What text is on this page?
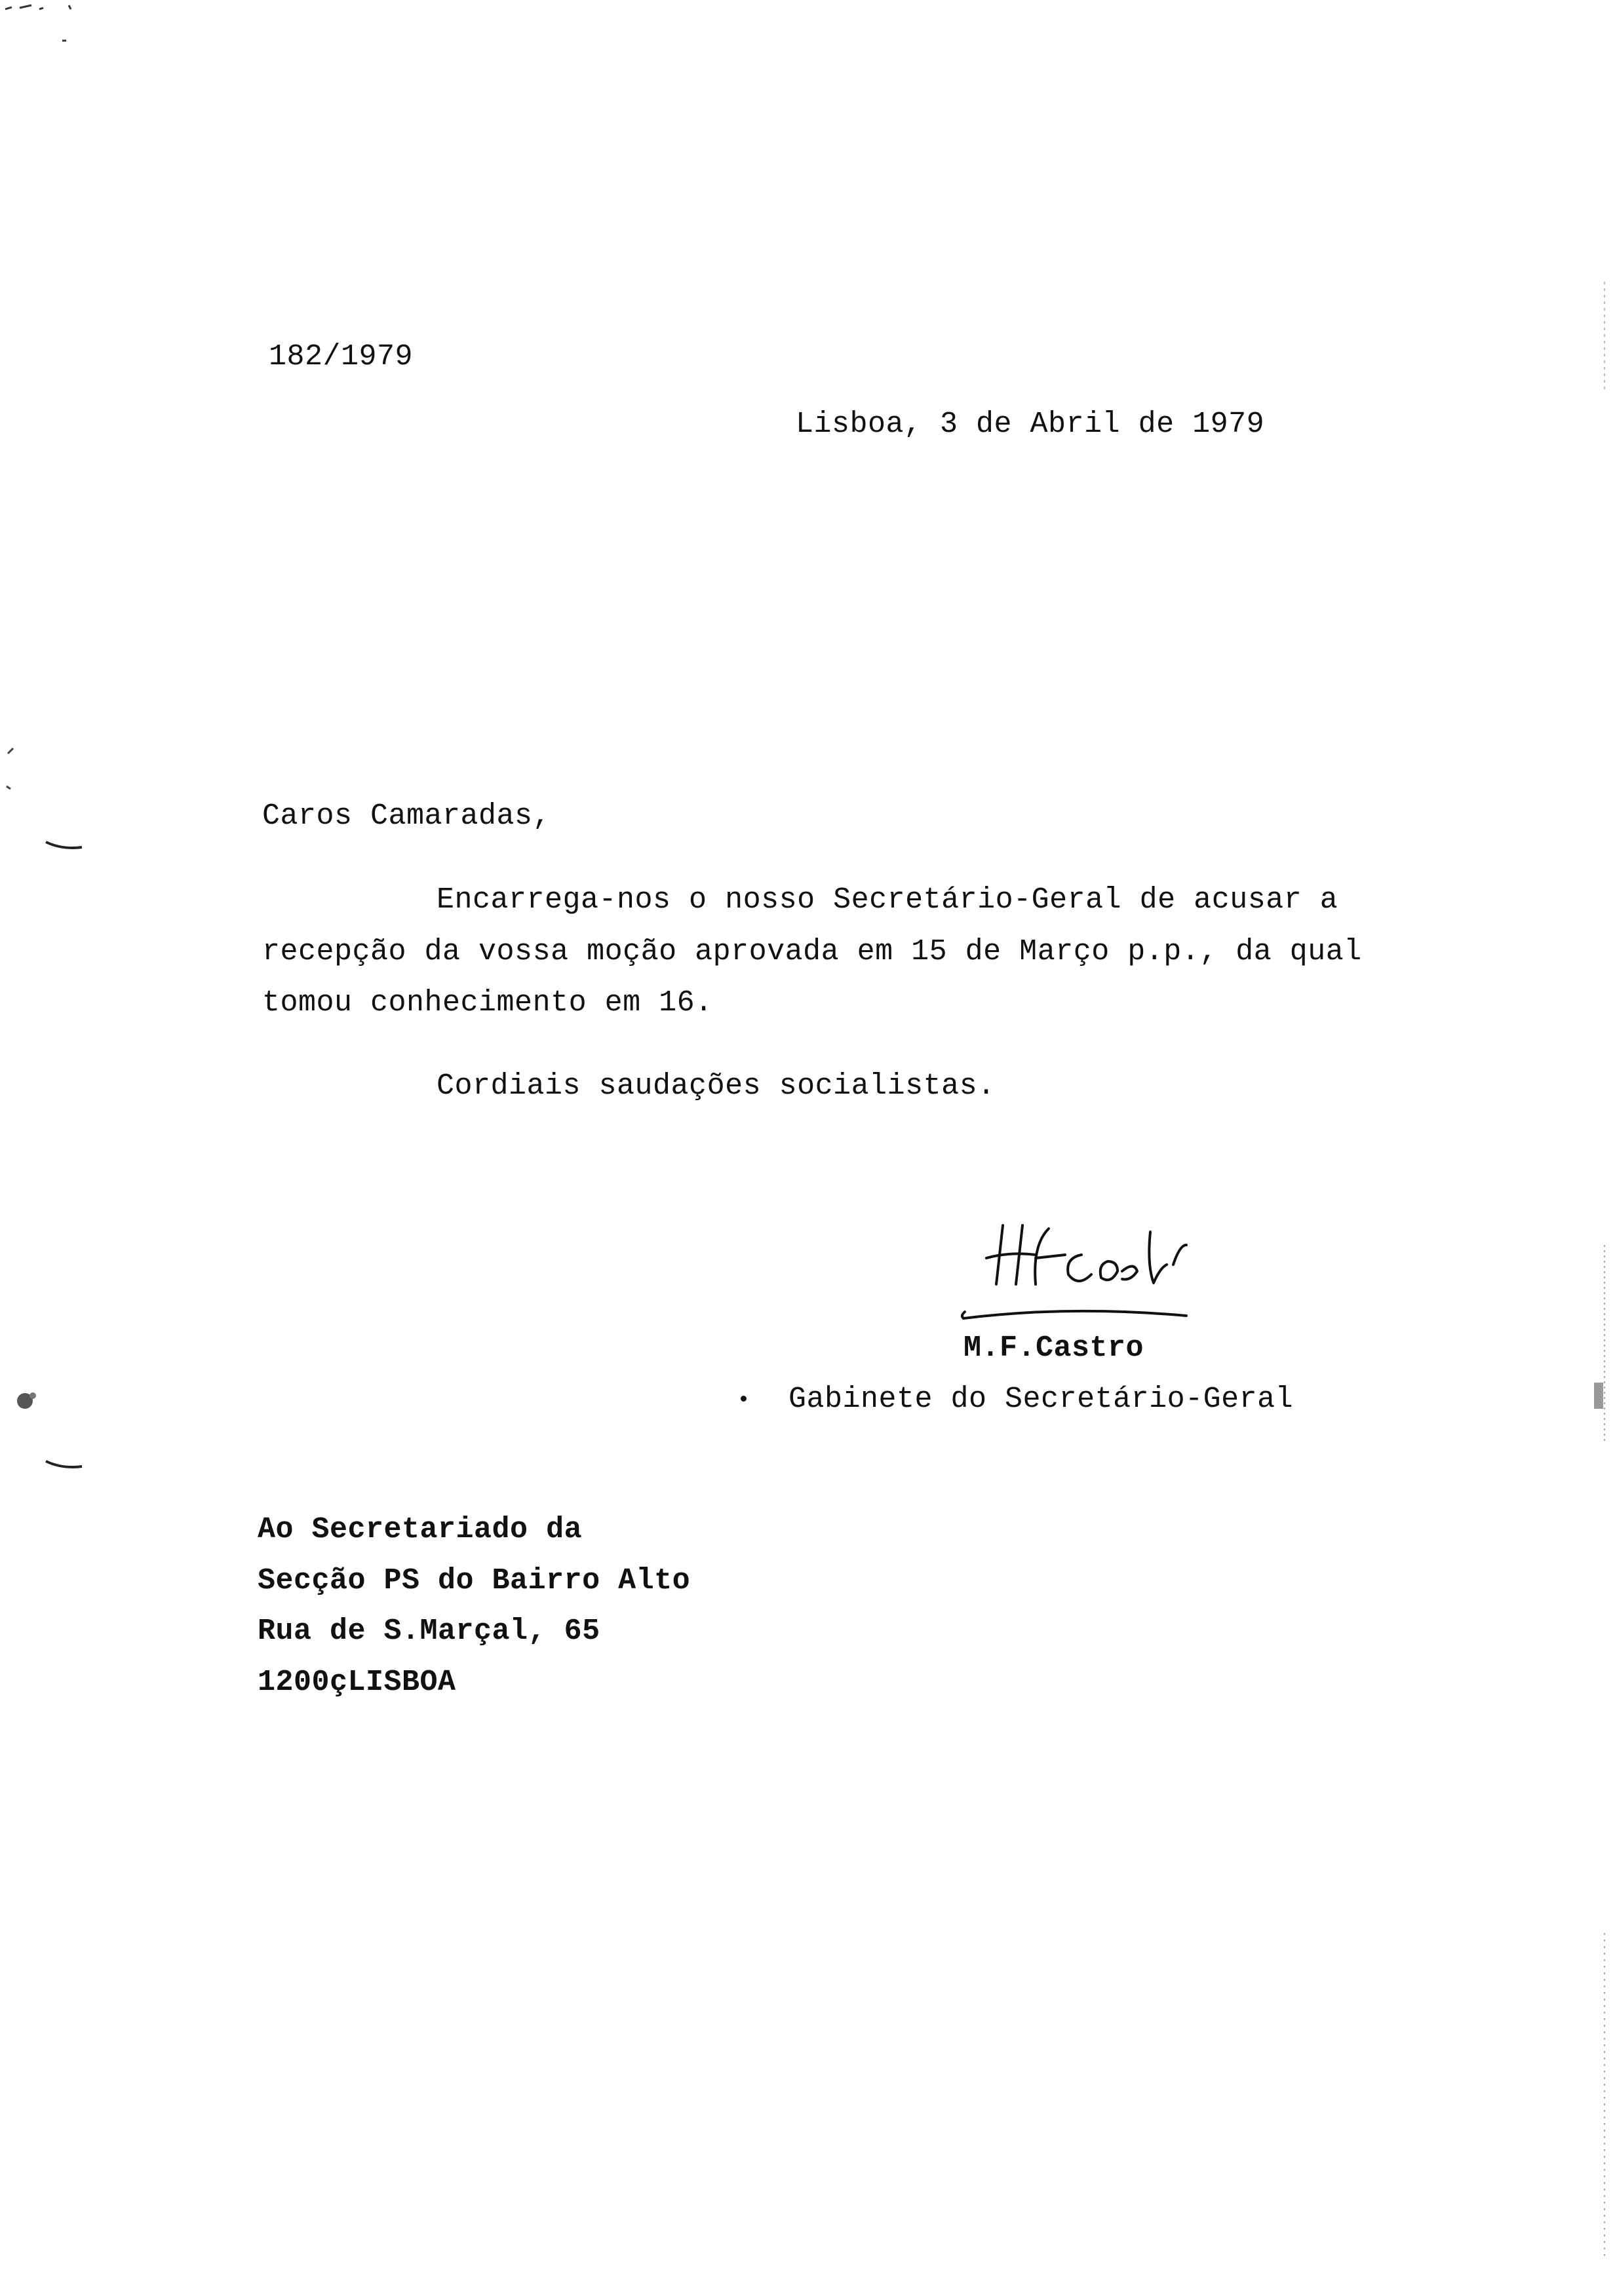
182/1979
Lisboa, 3 de Abril de 1979
Caros Camaradas,
Encarrega-nos o nosso Secretário-Geral de acusar a
recepção da vossa moção aprovada em 15 de Março p.p., da qual
tomou conhecimento em 16.
Cordiais saudações socialistas.
M.F.Castro
Gabinete do Secretário-Geral
Ao Secretariado da
Secção PS do Bairro Alto
Rua de S.Marçal, 65
1200çLISBOA
